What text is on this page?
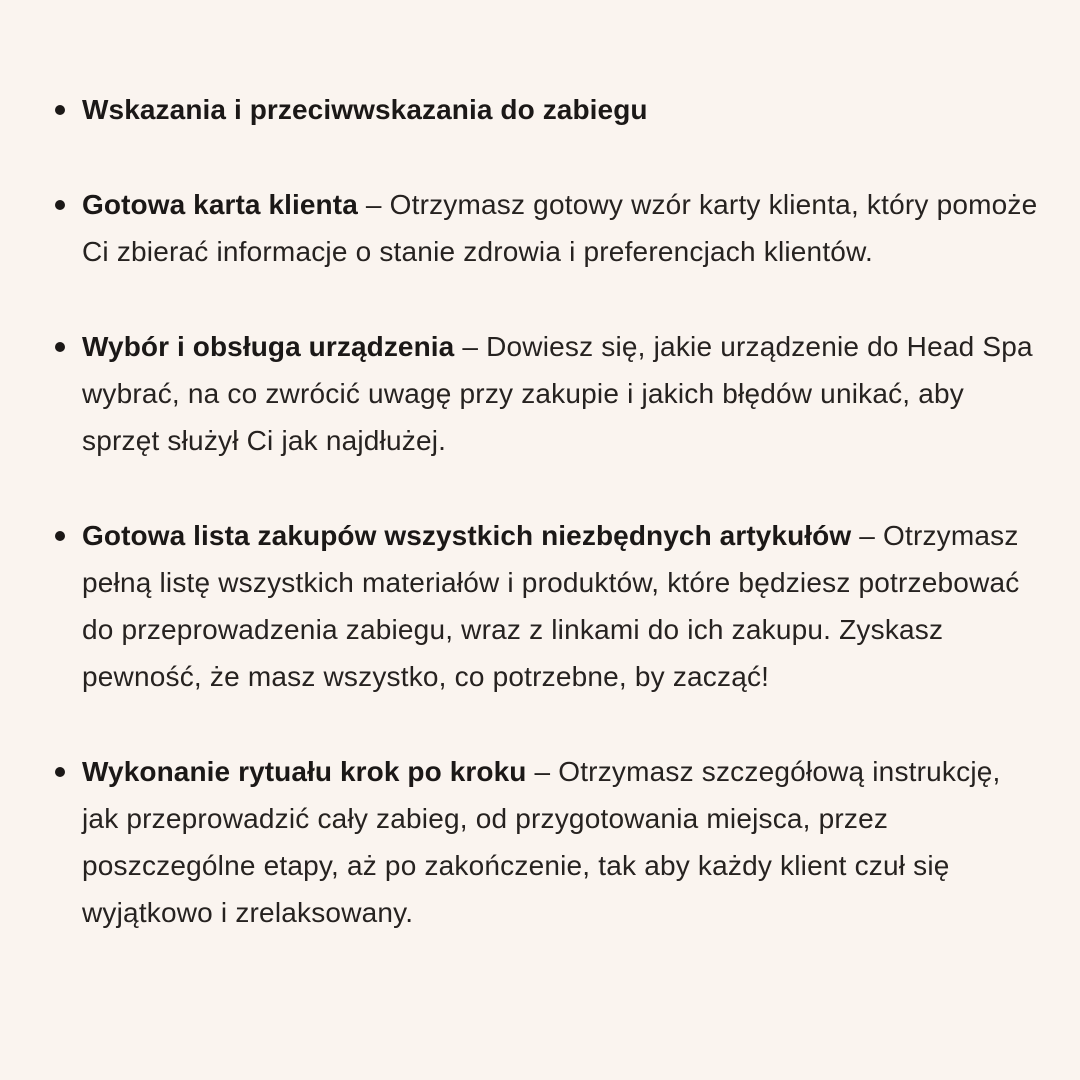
Wskazania i przeciwwskazania do zabiegu

Gotowa karta klienta – Otrzymasz gotowy wzór karty klienta, który pomoże Ci zbierać informacje o stanie zdrowia i preferencjach klientów.

Wybór i obsługa urządzenia – Dowiesz się, jakie urządzenie do Head Spa wybrać, na co zwrócić uwagę przy zakupie i jakich błędów unikać, aby sprzęt służył Ci jak najdłużej.

Gotowa lista zakupów wszystkich niezbędnych artykułów – Otrzymasz pełną listę wszystkich materiałów i produktów, które będziesz potrzebować do przeprowadzenia zabiegu, wraz z linkami do ich zakupu. Zyskasz pewność, że masz wszystko, co potrzebne, by zacząć!

Wykonanie rytuału krok po kroku – Otrzymasz szczegółową instrukcję, jak przeprowadzić cały zabieg, od przygotowania miejsca, przez poszczególne etapy, aż po zakończenie, tak aby każdy klient czuł się wyjątkowo i zrelaksowany.
